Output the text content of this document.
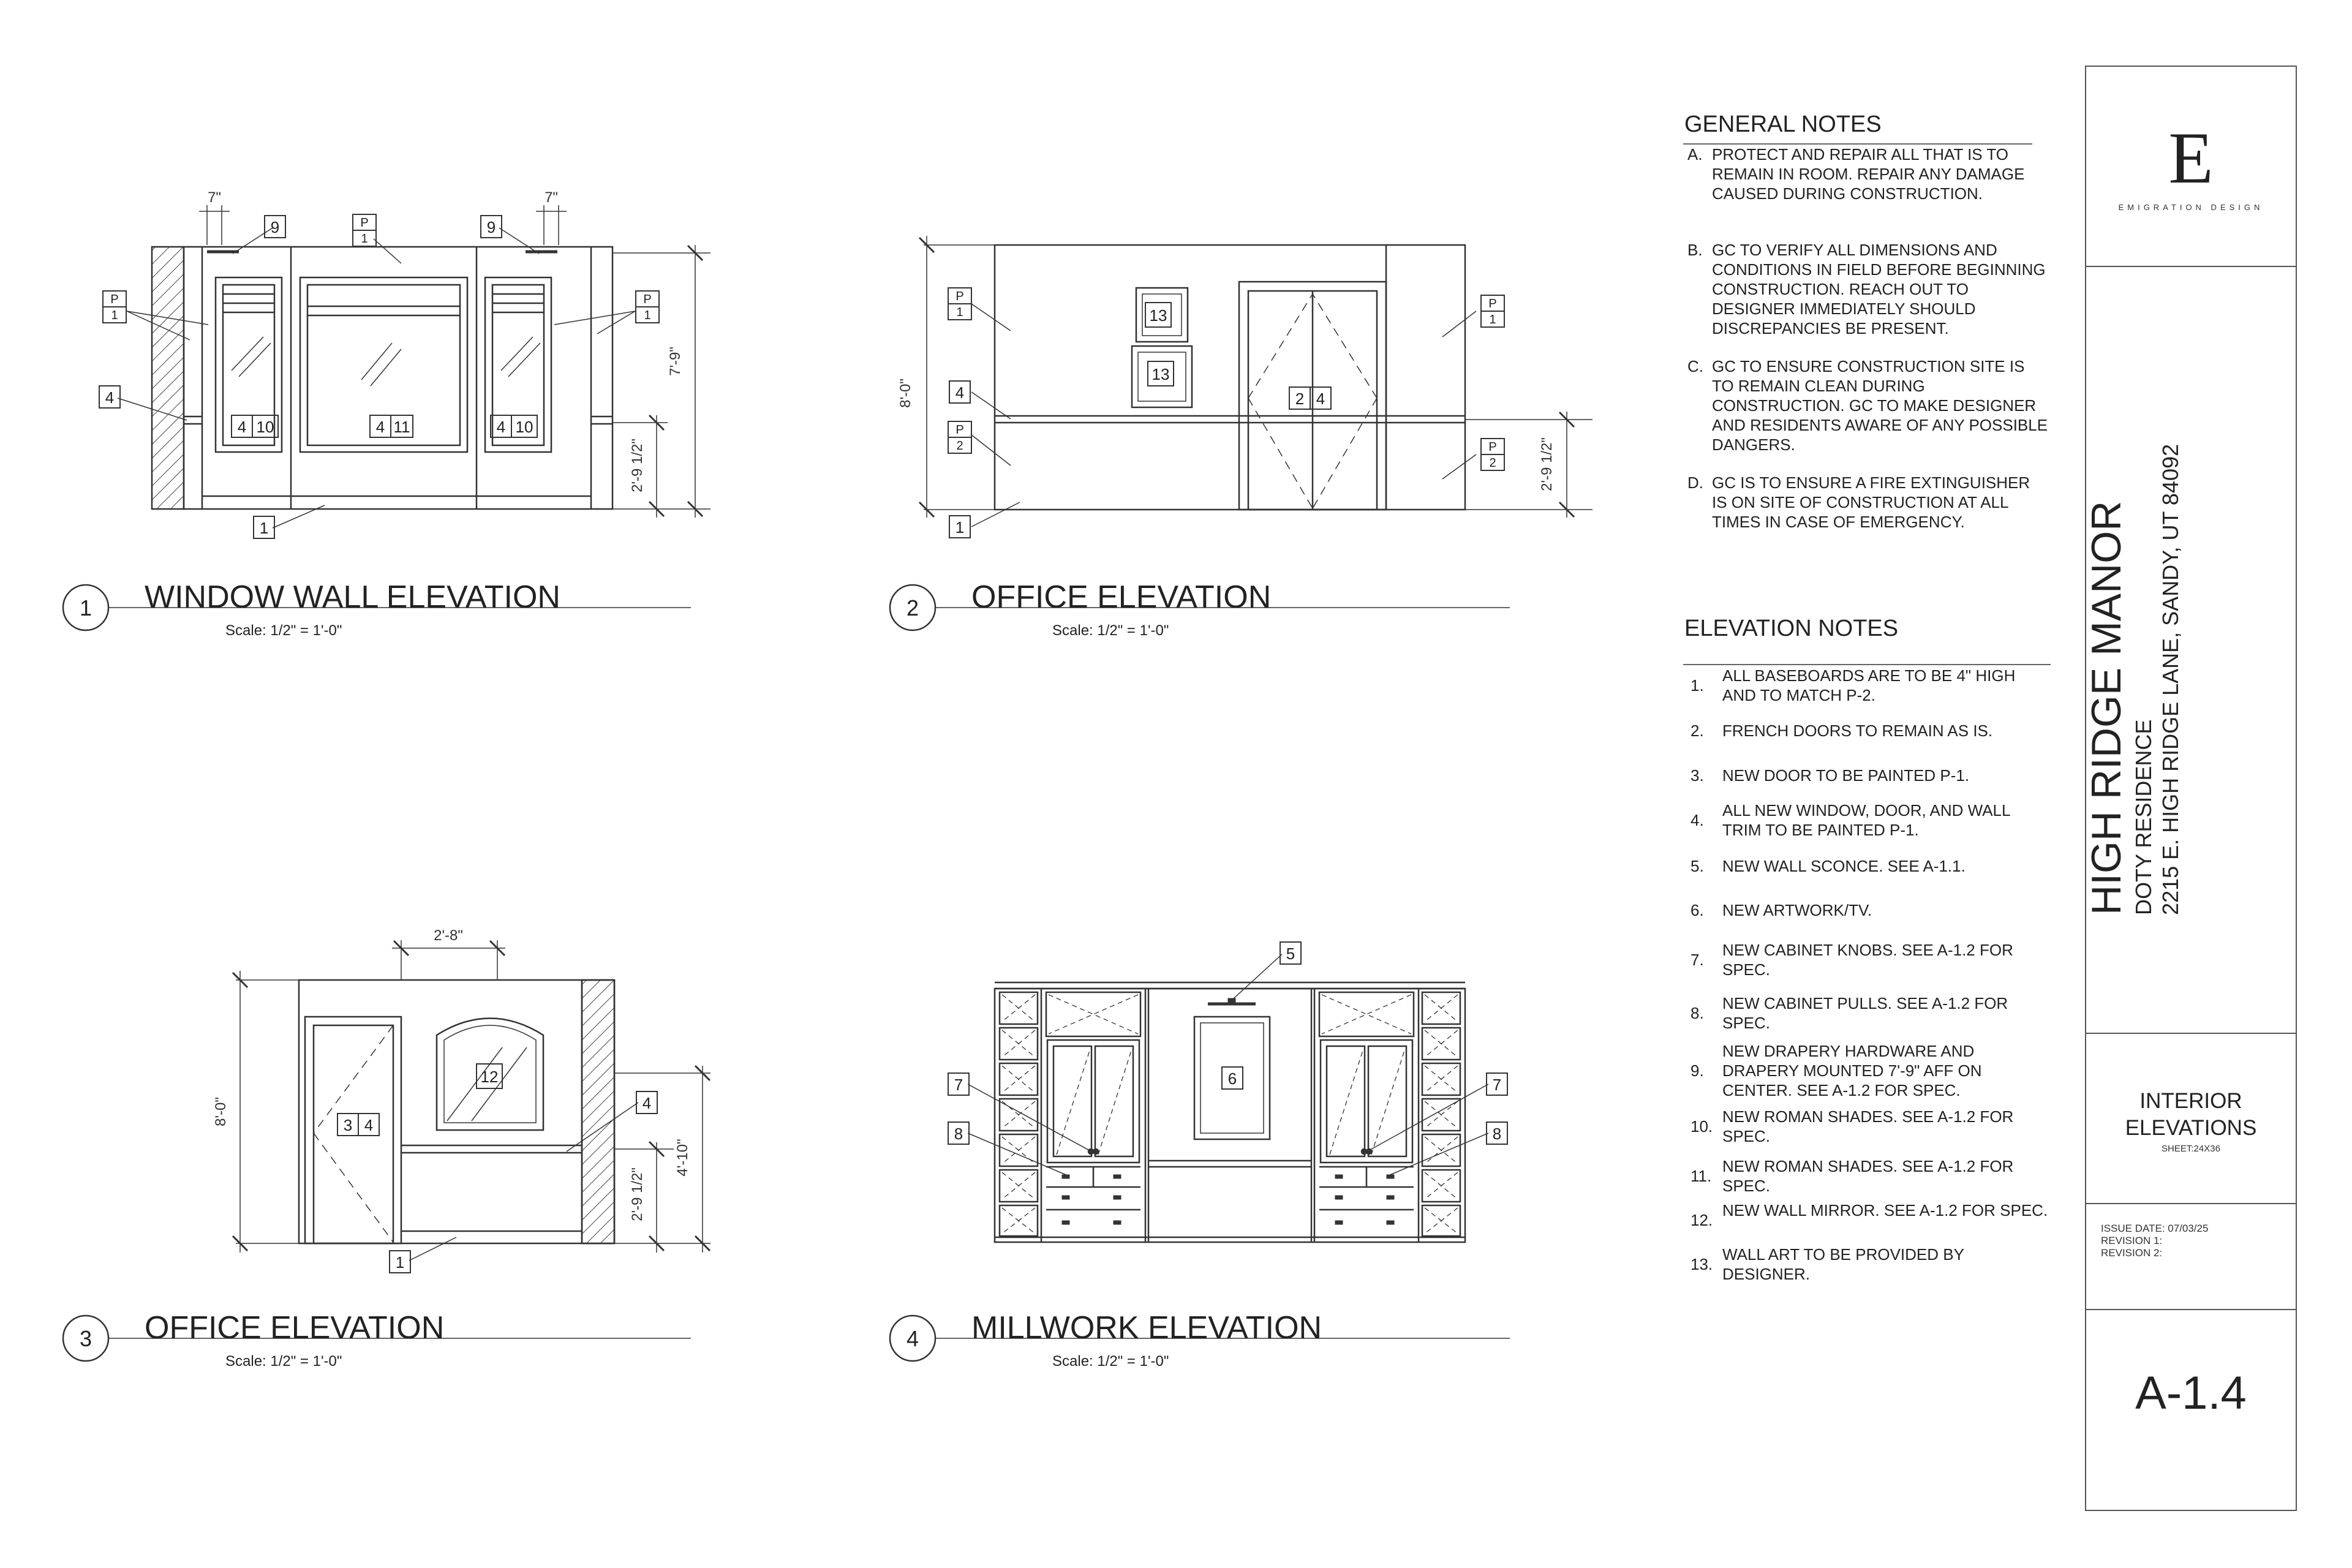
9	9
4
1
4 10	4 11	4 10
4
1
2 4
13
13
4
1
3 4
12
5
7
8
7
8
6
P
1
P
1
P
1
P
1
P
2
P
1
P
2
7"	7"
7'-9"
2'-9 1/2"
8'-0"
2'-9 1/2"
2'-8"
8'-0"
2'-9 1/2"
4'-10"
1	2
3	4
WINDOW WALL ELEVATION
Scale: 1/2" = 1'-0"
OFFICE ELEVATION
Scale: 1/2" = 1'-0"
OFFICE ELEVATION
Scale: 1/2" = 1'-0"
MILLWORK ELEVATION
Scale: 1/2" = 1'-0"
GENERAL NOTES
A. PROTECT AND REPAIR ALL THAT IS TO REMAIN IN ROOM. REPAIR ANY DAMAGE CAUSED DURING CONSTRUCTION.
B. GC TO VERIFY ALL DIMENSIONS AND CONDITIONS IN FIELD BEFORE BEGINNING CONSTRUCTION. REACH OUT TO DESIGNER IMMEDIATELY SHOULD DISCREPANCIES BE PRESENT.
C. GC TO ENSURE CONSTRUCTION SITE IS TO REMAIN CLEAN DURING CONSTRUCTION. GC TO MAKE DESIGNER AND RESIDENTS AWARE OF ANY POSSIBLE DANGERS.
D. GC IS TO ENSURE A FIRE EXTINGUISHER IS ON SITE OF CONSTRUCTION AT ALL TIMES IN CASE OF EMERGENCY.
ELEVATION NOTES
1.
ALL BASEBOARDS ARE TO BE 4" HIGH AND TO MATCH P-2.
2. FRENCH DOORS TO REMAIN AS IS.
3. NEW DOOR TO BE PAINTED P-1.
4.
ALL NEW WINDOW, DOOR, AND WALL TRIM TO BE PAINTED P-1.
5. NEW WALL SCONCE. SEE A-1.1.
6. NEW ARTWORK/TV.
7.
NEW CABINET KNOBS. SEE A-1.2 FOR SPEC.
8.
NEW CABINET PULLS. SEE A-1.2 FOR SPEC.
9.
NEW DRAPERY HARDWARE AND DRAPERY MOUNTED 7'-9" AFF ON CENTER. SEE A-1.2 FOR SPEC.
10.
NEW ROMAN SHADES. SEE A-1.2 FOR SPEC.
11.
NEW ROMAN SHADES. SEE A-1.2 FOR SPEC.
12.
NEW WALL MIRROR. SEE A-1.2 FOR SPEC.
13.
WALL ART TO BE PROVIDED BY DESIGNER.
E
EMIGRATION DESIGN
HIGH RIDGE MANOR DOTY RESIDENCE 2215 E. HIGH RIDGE LANE, SANDY, UT 84092
INTERIOR
ELEVATIONS
SHEET:24X36
ISSUE DATE: 07/03/25
REVISION 1:
REVISION 2:
A-1.4
